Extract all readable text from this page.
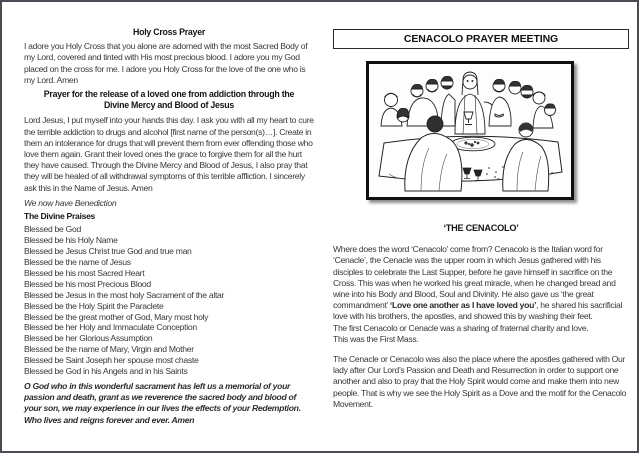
Holy Cross Prayer

I adore you Holy Cross that you alone are adorned with the most Sacred Body of my Lord, covered and tinted with His most precious blood. I adore you my God placed on the cross for me. I adore you Holy Cross for the love of the one who is my Lord. Amen

Prayer for the release of a loved one from addiction through the
Divine Mercy and Blood of Jesus

Lord Jesus, I put myself into your hands this day. I ask you with all my heart to cure the terrible addiction to drugs and alcohol [first name of the person(s)…]. Create in them an intolerance for drugs that will prevent them from ever offending those who love them again. Grant their loved ones the grace to forgive them for all the hurt they have caused. Through the Divine Mercy and Blood of Jesus, I also pray that they will be healed of all withdrawal symptoms of this terrible affliction. I sincerely ask this in the Name of Jesus. Amen

We now have Benediction

The Divine Praises

Blessed be God
Blessed be his Holy Name
Blessed be Jesus Christ true God and true man
Blessed be the name of Jesus
Blessed be his most Sacred Heart
Blessed be his most Precious Blood
Blessed be Jesus in the most holy Sacrament of the altar
Blessed be the Holy Spirit the Paraclete
Blessed be the great mother of God, Mary most holy
Blessed be her Holy and Immaculate Conception
Blessed be her Glorious Assumption
Blessed be the name of Mary, Virgin and Mother
Blessed be Saint Joseph her spouse most chaste
Blessed be God in his Angels and in his Saints

O God who in this wonderful sacrament has left us a memorial of your passion and death, grant as we reverence the sacred body and blood of your son, we may experience in our lives the effects of your Redemption. Who lives and reigns forever and ever. Amen

CENACOLO PRAYER MEETING
‘THE CENACOLO’

Where does the word ‘Cenacolo’ come from? Cenacolo is the Italian word for ‘Cenacle’, the Cenacle was the upper room in which Jesus gathered with his disciples to celebrate the Last Supper, before he gave himself in sacrifice on the Cross. This was when he worked his great miracle, when he changed bread and wine into his Body and Blood, Soul and Divinity. He also gave us ‘the great commandment’ ‘Love one another as I have loved you’, he shared his sacrificial love with his brothers, the apostles, and showed this by washing their feet.
The first Cenacolo or Cenacle was a sharing of fraternal charity and love.
This was the First Mass.

The Cenacle or Cenacolo was also the place where the apostles gathered with Our lady after Our Lord’s Passion and Death and Resurrection in order to support one another and also to pray that the Holy Spirit would come and make them into new people. That is why we see the Holy Spirit as a Dove and the motif for the Cenacolo Movement.
